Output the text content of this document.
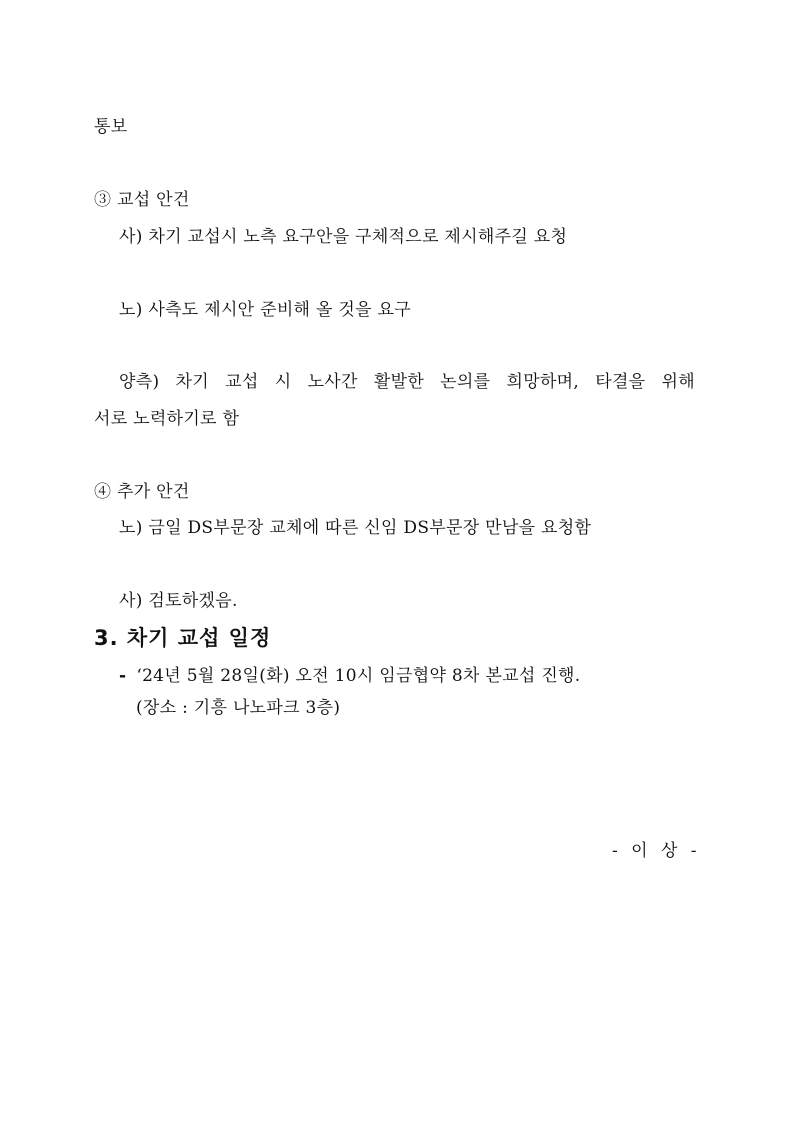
통보

③ 교섭 안건

사) 차기 교섭시 노측 요구안을 구체적으로 제시해주길 요청

노) 사측도 제시안 준비해 올 것을 요구

양측) 차기 교섭 시 노사간 활발한 논의를 희망하며, 타결을 위해

서로 노력하기로 함

④ 추가 안건

노) 금일 DS부문장 교체에 따른 신임 DS부문장 만남을 요청함

사) 검토하겠음.

3. 차기 교섭 일정

- ‘24년 5월 28일(화) 오전 10시 임금협약 8차 본교섭 진행.

(장소 : 기흥 나노파크 3층)

- 이 상 -
